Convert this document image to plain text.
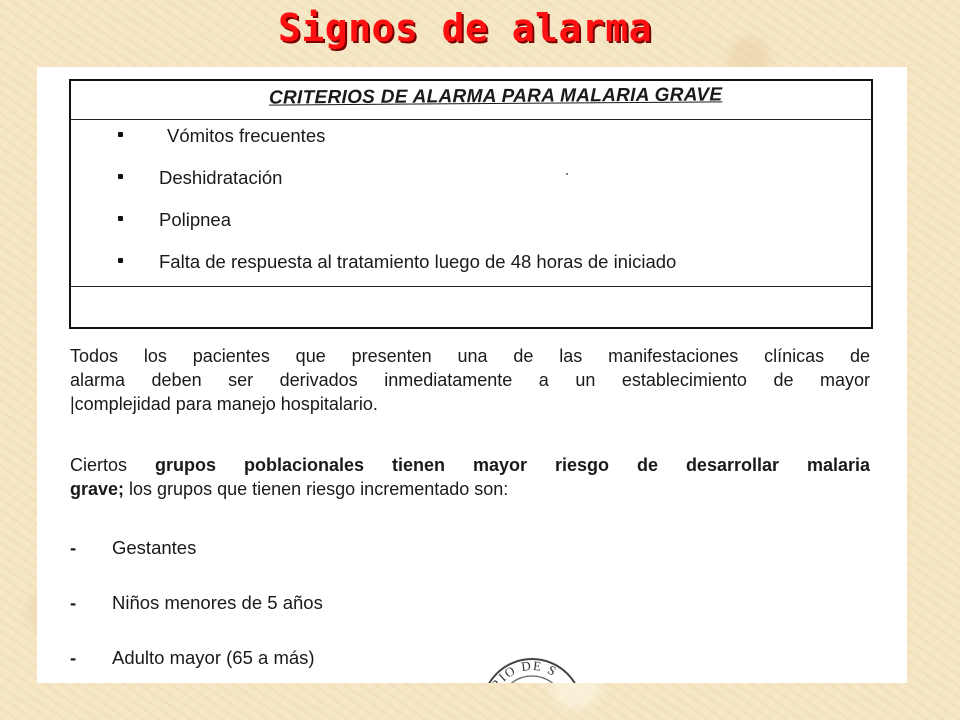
Signos de alarma
CRITERIOS DE ALARMA PARA MALARIA GRAVE
Vómitos frecuentes
Deshidratación
Polipnea
Falta de respuesta al tratamiento luego de 48 horas de iniciado

Todos los pacientes que presenten una de las manifestaciones clínicas de
alarma deben ser derivados inmediatamente a un establecimiento de mayor
|complejidad para manejo hospitalario.

Ciertos grupos poblacionales tienen mayor riesgo de desarrollar malaria
grave; los grupos que tienen riesgo incrementado son:

-	Gestantes
-	Niños menores de 5 años
-	Adulto mayor (65 a más)
ERIO DE S
